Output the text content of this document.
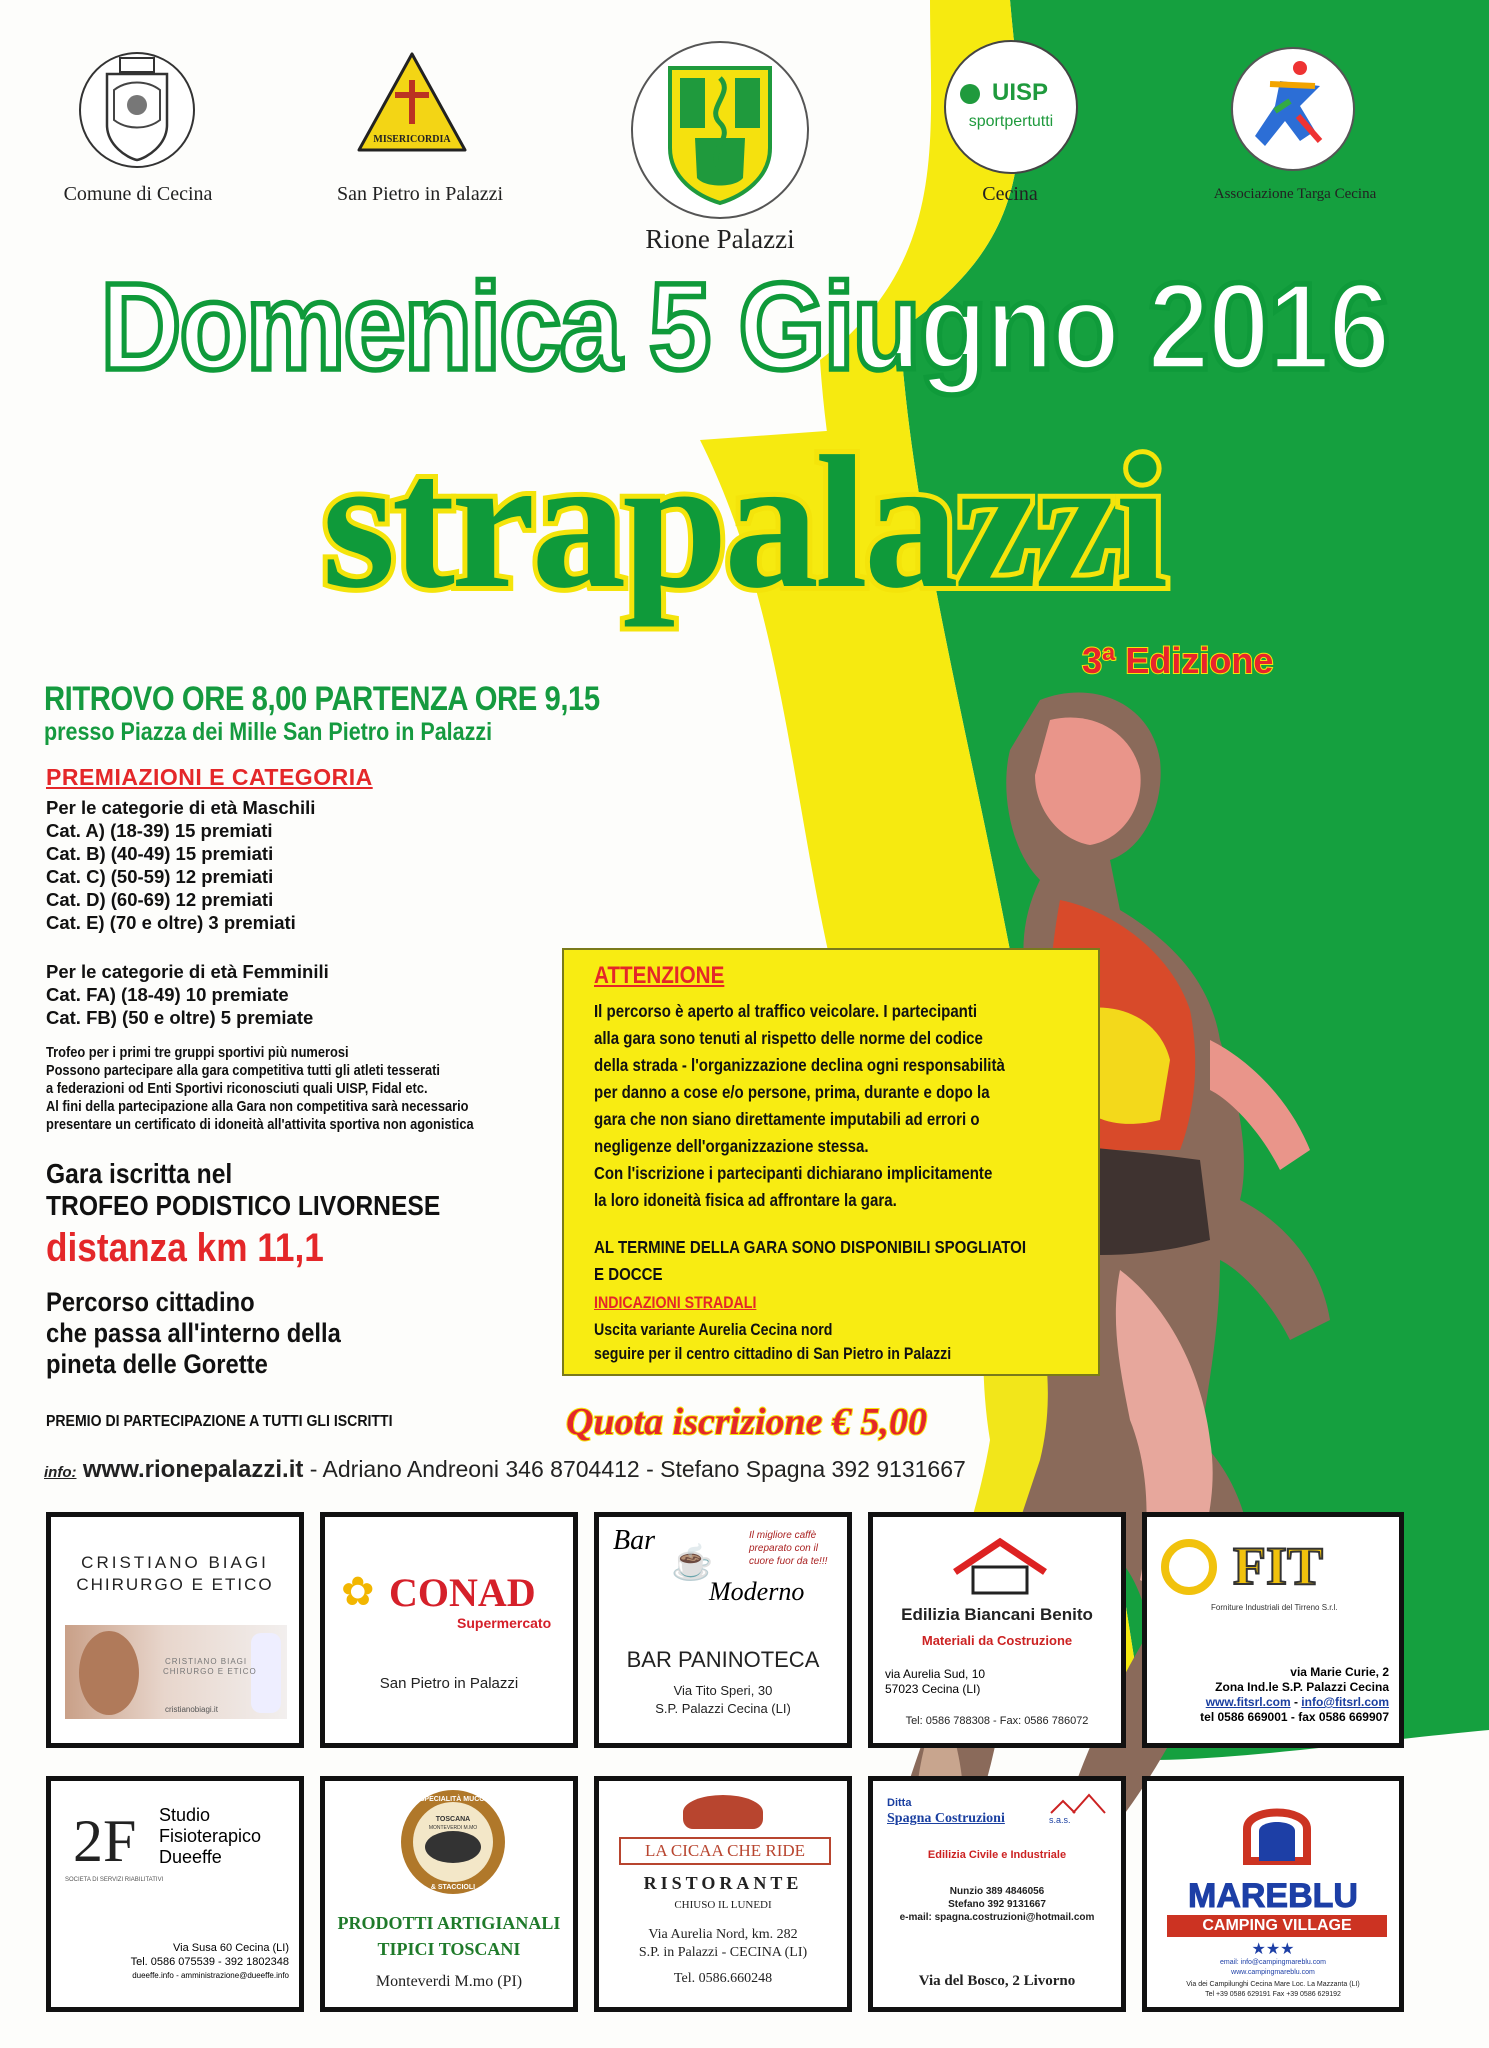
Comune di Cecina
MISERICORDIA
San Pietro in Palazzi
Rione Palazzi
UISP
sportpertutti
Cecina	Associazione Targa Cecina
Domenica 5 Giugno 2016
strapalazzi
3ª Edizione
RITROVO ORE 8,00 PARTENZA ORE 9,15
presso Piazza dei Mille San Pietro in Palazzi
PREMIAZIONI E CATEGORIA
Per le categorie di età Maschili
Cat. A) (18-39) 15 premiati
Cat. B) (40-49) 15 premiati
Cat. C) (50-59) 12 premiati
Cat. D) (60-69) 12 premiati
Cat. E) (70 e oltre) 3 premiati
Per le categorie di età Femminili
Cat. FA) (18-49) 10 premiate
Cat. FB) (50 e oltre) 5 premiate
Trofeo per i primi tre gruppi sportivi più numerosi
Possono partecipare alla gara competitiva tutti gli atleti tesserati
a federazioni od Enti Sportivi riconosciuti quali UISP, Fidal etc.
Al fini della partecipazione alla Gara non competitiva sarà necessario
presentare un certificato di idoneità all'attivita sportiva non agonistica
Gara iscritta nel
TROFEO PODISTICO LIVORNESE
distanza km 11,1
Percorso cittadino
che passa all'interno della
pineta delle Gorette
PREMIO DI PARTECIPAZIONE A TUTTI GLI ISCRITTI
ATTENZIONE
Il percorso è aperto al traffico veicolare. I partecipanti
alla gara sono tenuti al rispetto delle norme del codice
della strada - l'organizzazione declina ogni responsabilità
per danno a cose e/o persone, prima, durante e dopo la
gara che non siano direttamente imputabili ad errori o
negligenze dell'organizzazione stessa.
Con l'iscrizione i partecipanti dichiarano implicitamente
la loro idoneità fisica ad affrontare la gara.
AL TERMINE DELLA GARA SONO DISPONIBILI SPOGLIATOI
E DOCCE
INDICAZIONI STRADALI
Uscita variante Aurelia Cecina nord
seguire per il centro cittadino di San Pietro in Palazzi
Quota iscrizione € 5,00
info: www.rionepalazzi.it - Adriano Andreoni 346 8704412 - Stefano Spagna 392 9131667
CRISTIANO BIAGI
CHIRURGO E ETICO
CRISTIANO BIAGI
CHIRURGO E ETICO
cristianobiagi.it
✿ CONAD
Supermercato
San Pietro in Palazzi
Bar
☕
Moderno
Il migliore caffè
preparato con il
cuore fuor da te!!!
BAR PANINOTECA
Via Tito Speri, 30
S.P. Palazzi Cecina (LI)
Edilizia Biancani Benito
Materiali da Costruzione
via Aurelia Sud, 10
57023 Cecina (LI)
Tel: 0586 788308 - Fax: 0586 786072
FIT
Forniture Industriali del Tirreno S.r.l.
via Marie Curie, 2
Zona Ind.le S.P. Palazzi Cecina
www.fitsrl.com - info@fitsrl.com
tel 0586 669001 - fax 0586 669907
2F Studio
Fisioterapico
Dueeffe
SOCIETA DI SERVIZI RIABILITATIVI
Via Susa 60 Cecina (LI)
Tel. 0586 075539 - 392 1802348
dueeffe.info - amministrazione@dueeffe.info
SPECIALITÀ MUCCI
TOSCANA
MONTEVERDI M.MO
& STACCIOLI
PRODOTTI ARTIGIANALI
TIPICI TOSCANI
Monteverdi M.mo (PI)
LA CICAA CHE RIDE
RISTORANTE
CHIUSO IL LUNEDI
Via Aurelia Nord, km. 282
S.P. in Palazzi - CECINA (LI)
Tel. 0586.660248
Ditta
Spagna Costruzioni	s.a.s.
Edilizia Civile e Industriale
Nunzio 389 4846056
Stefano 392 9131667
e-mail: spagna.costruzioni@hotmail.com
Via del Bosco, 2 Livorno
MAREBLU
CAMPING VILLAGE
★★★
email: info@campingmareblu.com
www.campingmareblu.com
Via dei Campilunghi Cecina Mare Loc. La Mazzanta (LI)
Tel +39 0586 629191 Fax +39 0586 629192
